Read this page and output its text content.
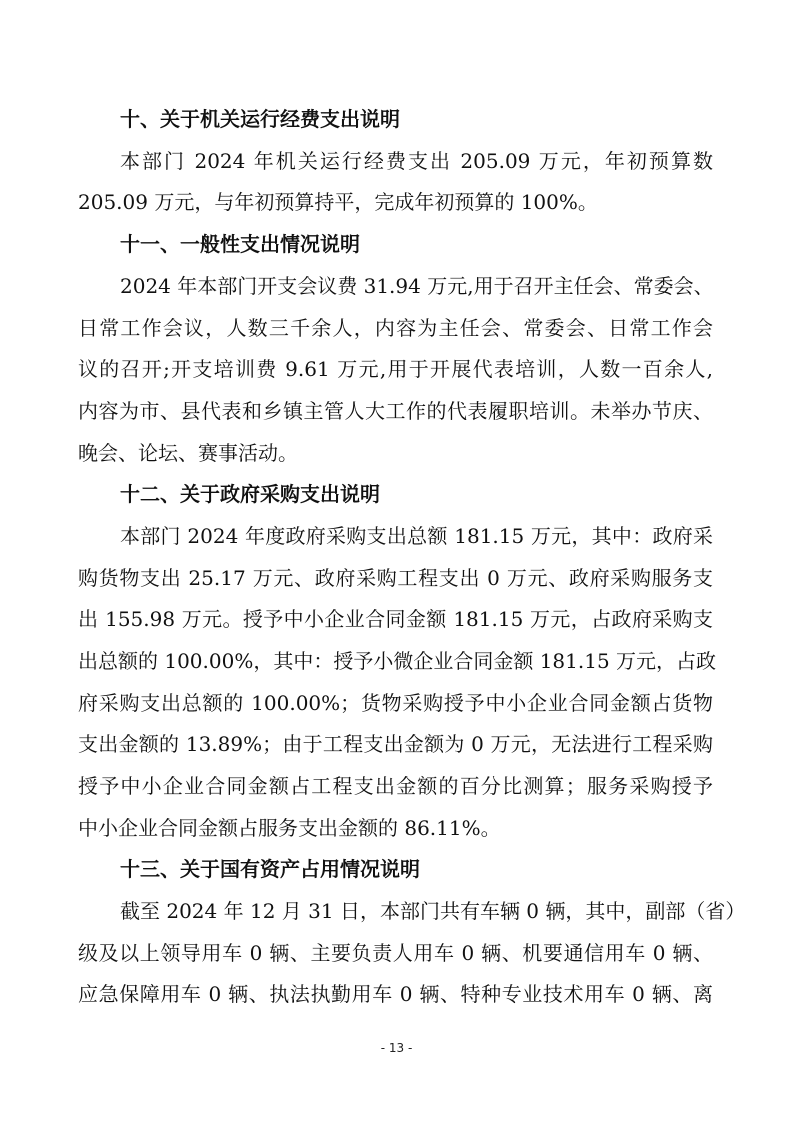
十、关于机关运行经费支出说明

本部门 2024 年机关运行经费支出 205.09 万元，年初预算数

205.09 万元，与年初预算持平，完成年初预算的 100%。

十一、一般性支出情况说明

2024 年本部门开支会议费 31.94 万元,用于召开主任会、常委会、

日常工作会议，人数三千余人，内容为主任会、常委会、日常工作会

议的召开;开支培训费 9.61 万元,用于开展代表培训，人数一百余人,

内容为市、县代表和乡镇主管人大工作的代表履职培训。未举办节庆、

晚会、论坛、赛事活动。

十二、关于政府采购支出说明

本部门 2024 年度政府采购支出总额 181.15 万元，其中：政府采

购货物支出 25.17 万元、政府采购工程支出 0 万元、政府采购服务支

出 155.98 万元。授予中小企业合同金额 181.15 万元，占政府采购支

出总额的 100.00%，其中：授予小微企业合同金额 181.15 万元，占政

府采购支出总额的 100.00%；货物采购授予中小企业合同金额占货物

支出金额的 13.89%；由于工程支出金额为 0 万元，无法进行工程采购

授予中小企业合同金额占工程支出金额的百分比测算；服务采购授予

中小企业合同金额占服务支出金额的 86.11%。

十三、关于国有资产占用情况说明

截至 2024 年 12 月 31 日，本部门共有车辆 0 辆，其中，副部（省）

级及以上领导用车 0 辆、主要负责人用车 0 辆、机要通信用车 0 辆、

应急保障用车 0 辆、执法执勤用车 0 辆、特种专业技术用车 0 辆、离

- 13 -
